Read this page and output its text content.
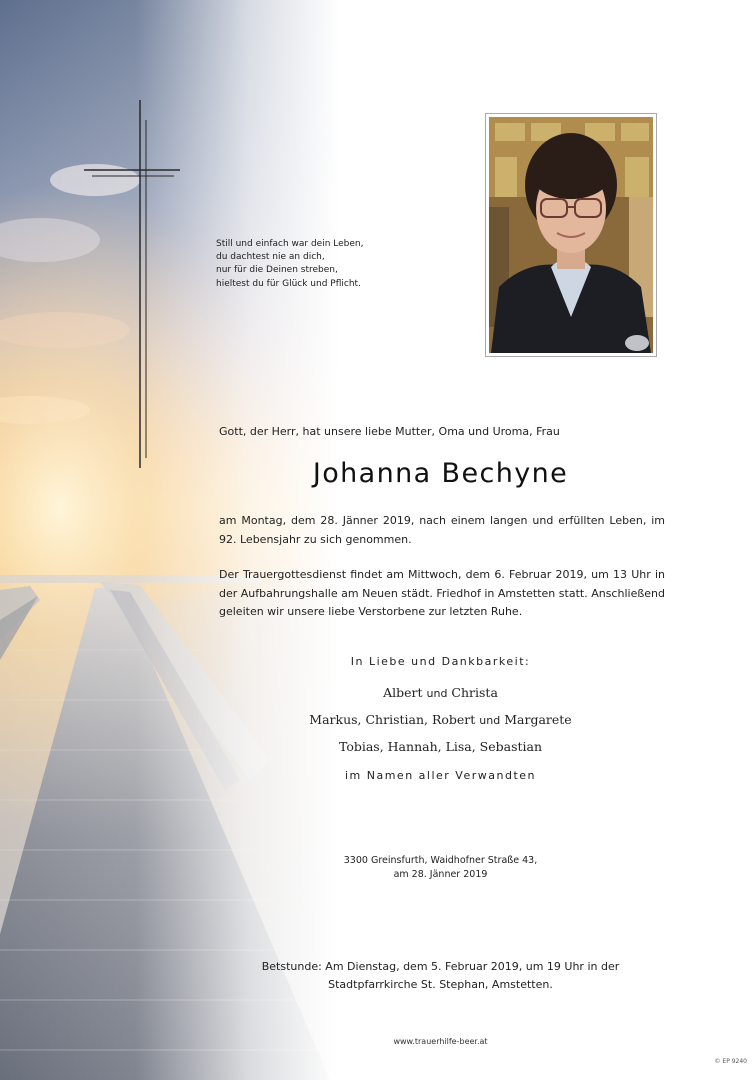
Still und einfach war dein Leben,
du dachtest nie an dich,
nur für die Deinen streben,
hieltest du für Glück und Pflicht.
Gott, der Herr, hat unsere liebe Mutter, Oma und Uroma, Frau
Johanna Bechyne
am Montag, dem 28. Jänner 2019, nach einem langen und erfüllten Leben, im 92. Lebensjahr zu sich genommen.
Der Trauergottesdienst findet am Mittwoch, dem 6. Februar 2019, um 13 Uhr in der Aufbahrungshalle am Neuen städt. Friedhof in Amstetten statt. Anschließend geleiten wir unsere liebe Verstorbene zur letzten Ruhe.
In Liebe und Dankbarkeit:
Albert und Christa
Markus, Christian, Robert und Margarete
Tobias, Hannah, Lisa, Sebastian
im Namen aller Verwandten
3300 Greinsfurth, Waidhofner Straße 43,
am 28. Jänner 2019
Betstunde: Am Dienstag, dem 5. Februar 2019, um 19 Uhr in der
Stadtpfarrkirche St. Stephan, Amstetten.
www.trauerhilfe-beer.at
© EP 9240
